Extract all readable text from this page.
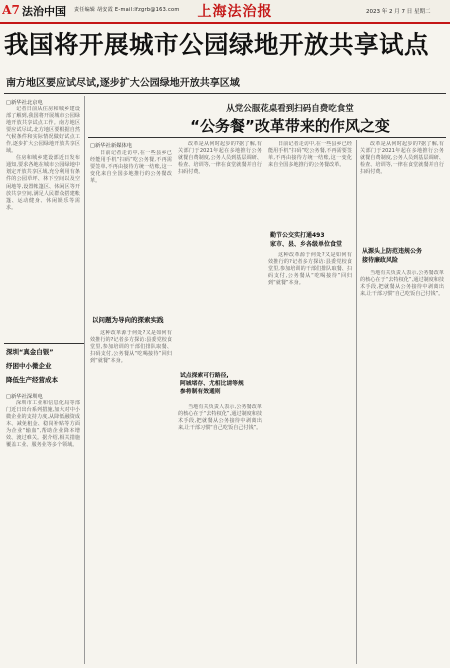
A7 法治中国 责任编辑 胡安霞 E-mail:lfzgrb@163.com	上海法治报	2023 年 2 月 7 日 星期二
我国将开展城市公园绿地开放共享试点
南方地区要应试尽试,逐步扩大公园绿地开放共享区域
□新华社北京电

记者日前从住房和城乡建设部了解到,我国将开展城市公园绿地开放共享试点工作。南方地区要应试尽试,北方地区要根据自然气候条件和实际情况做好试点工作,逐步扩大公园绿地开放共享区域。

住房和城乡建设部近日发布通知,要求各地在城市公园绿地中划定开放共享区域,充分利用有条件的公园草坪、林下空间以及空闲地等,设置帐篷区、休闲区等开放共享空间,满足人民群众搭建帐篷、运动健身、休闲娱乐等需求。

深圳“真金白银”
纾困中小微企业
降低生产经营成本
□新华社深圳电

深圳市工业和信息化局等部门近日出台系列措施,加大对中小微企业的支持力度,从降低融资成本、减免租金、稳岗补贴等方面为企业“输血”,帮助企业降本增效、渡过难关。据介绍,相关措施覆盖工业、服务业等多个领域。

从党公服花桌看到扫码自费吃食堂
“公务餐”改革带来的作风之变
□新华社新媒体电

日前记者走访中,在一些县乡已经能用手机“扫码”吃公务餐,不再需要签单,不再由接待方统一结账,这一变化来自全国多地推行的公务餐改革。

以问题为导向的探索实践

这种改革源于何处?又是如何有效推行的?记者多方探访:县委党校食堂里,参加培训的干部们排队取餐、扫码支付,公务餐从“吃喝接待”回归到“就餐”本身。

改革是从何时起步的?据了解,有关部门于2021年起在多地推行公务就餐自费制度,公务人员到基层调研、检查、培训等,一律在食堂就餐并自行扫码付费。

试点探索可行路径,
阿城堵存、尤相比请等规
参将制有效通则

当地有关负责人表示,公务餐改革的核心在于“去特权化”,通过制度和技术手段,把就餐从公务接待中剥离出来,让干部习惯“自己吃饭自己付钱”。

日前记者走访中,在一些县乡已经能用手机“扫码”吃公务餐,不再需要签单,不再由接待方统一结账,这一变化来自全国多地推行的公务餐改革。

勤节公交实打通493
家市、县、乡各级单位食堂

这种改革源于何处?又是如何有效推行的?记者多方探访:县委党校食堂里,参加培训的干部们排队取餐、扫码支付,公务餐从“吃喝接待”回归到“就餐”本身。

改革是从何时起步的?据了解,有关部门于2021年起在多地推行公务就餐自费制度,公务人员到基层调研、检查、培训等,一律在食堂就餐并自行扫码付费。

从源头上防范违规公务
接待廉政风险

当地有关负责人表示,公务餐改革的核心在于“去特权化”,通过制度和技术手段,把就餐从公务接待中剥离出来,让干部习惯“自己吃饭自己付钱”。
